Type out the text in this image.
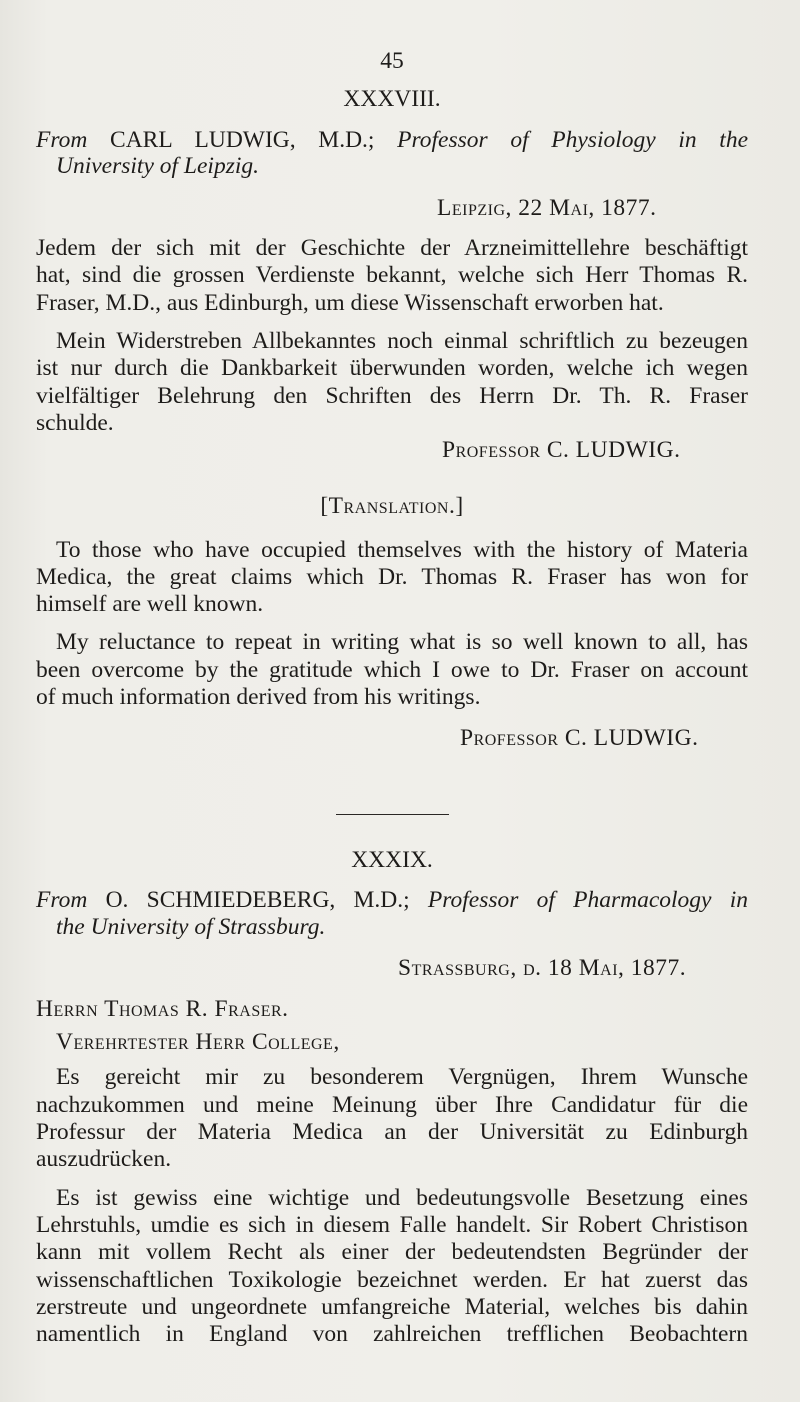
45
XXXVIII.
From CARL LUDWIG, M.D.; Professor of Physiology in the
University of Leipzig.
Leipzig, 22 Mai, 1877.
Jedem der sich mit der Geschichte der Arzneimittellehre beschäftigt
hat, sind die grossen Verdienste bekannt, welche sich Herr Thomas R.
Fraser, M.D., aus Edinburgh, um diese Wissenschaft erworben hat.
Mein Widerstreben Allbekanntes noch einmal schriftlich zu bezeugen
ist nur durch die Dankbarkeit überwunden worden, welche ich wegen
vielfältiger Belehrung den Schriften des Herrn Dr. Th. R. Fraser
schulde.
Professor C. LUDWIG.
[Translation.]
To those who have occupied themselves with the history of Materia
Medica, the great claims which Dr. Thomas R. Fraser has won for
himself are well known.
My reluctance to repeat in writing what is so well known to all, has
been overcome by the gratitude which I owe to Dr. Fraser on account
of much information derived from his writings.
Professor C. LUDWIG.
XXXIX.
From O. SCHMIEDEBERG, M.D.; Professor of Pharmacology in
the University of Strassburg.
Strassburg, d. 18 Mai, 1877.
Herrn Thomas R. Fraser.
Verehrtester Herr College,
Es gereicht mir zu besonderem Vergnügen, Ihrem Wunsche
nachzukommen und meine Meinung über Ihre Candidatur für die
Professur der Materia Medica an der Universität zu Edinburgh
auszudrücken.
Es ist gewiss eine wichtige und bedeutungsvolle Besetzung eines
Lehrstuhls, umdie es sich in diesem Falle handelt. Sir Robert Christison
kann mit vollem Recht als einer der bedeutendsten Begründer der
wissenschaftlichen Toxikologie bezeichnet werden. Er hat zuerst das
zerstreute und ungeordnete umfangreiche Material, welches bis dahin
namentlich in England von zahlreichen trefflichen Beobachtern
